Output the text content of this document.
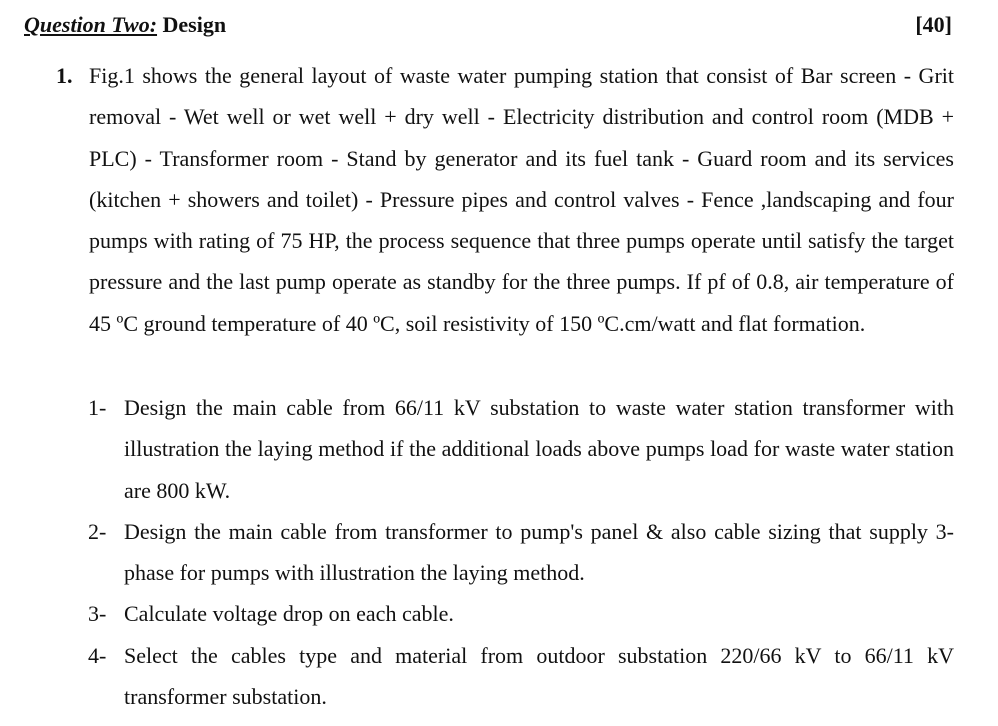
Question Two: Design	[40]
1. Fig.1 shows the general layout of waste water pumping station that consist of Bar screen - Grit removal - Wet well or wet well + dry well - Electricity distribution and control room (MDB + PLC) - Transformer room - Stand by generator and its fuel tank - Guard room and its services (kitchen + showers and toilet) - Pressure pipes and control valves - Fence ,landscaping and four pumps with rating of 75 HP, the process sequence that three pumps operate until satisfy the target pressure and the last pump operate as standby for the three pumps. If pf of 0.8, air temperature of 45 ºC ground temperature of 40 ºC, soil resistivity of 150 ºC.cm/watt and flat formation.
1- Design the main cable from 66/11 kV substation to waste water station transformer with illustration the laying method if the additional loads above pumps load for waste water station are 800 kW.
2- Design the main cable from transformer to pump's panel & also cable sizing that supply 3-phase for pumps with illustration the laying method.
3- Calculate voltage drop on each cable.
4- Select the cables type and material from outdoor substation 220/66 kV to 66/11 kV transformer substation.
